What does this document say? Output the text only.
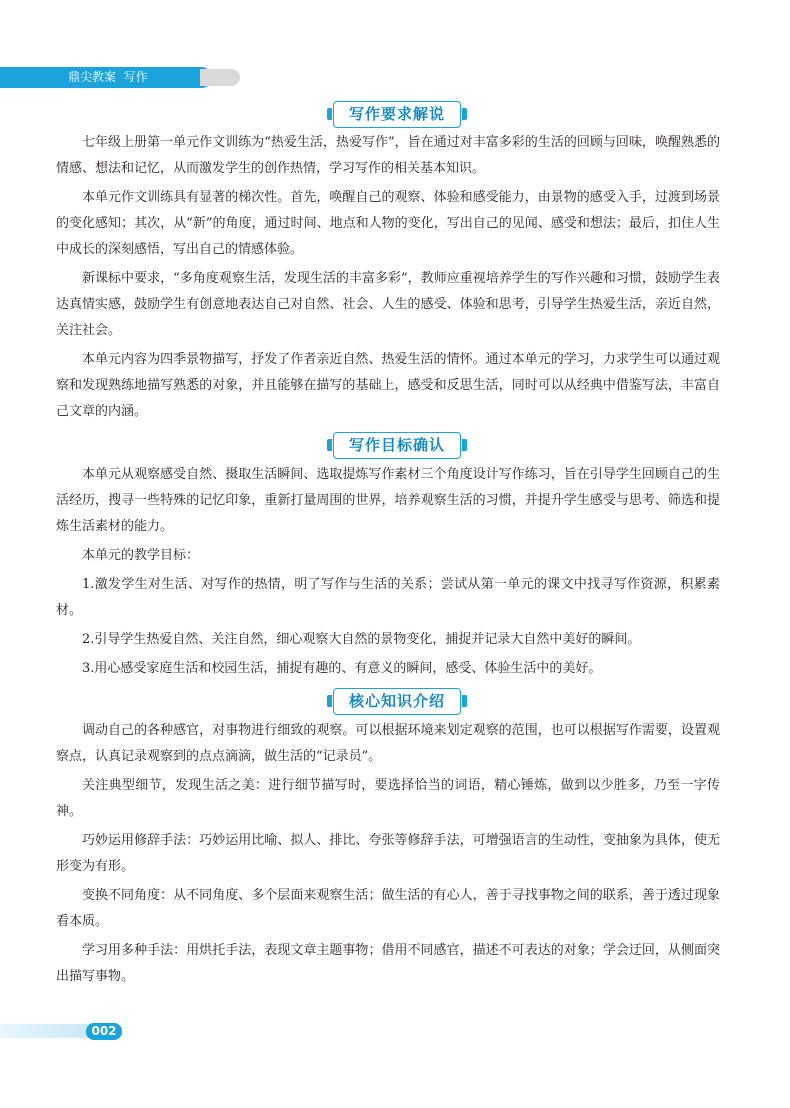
鼎尖教案 写作
写作要求解说

七年级上册第一单元作文训练为“热爱生活，热爱写作”，旨在通过对丰富多彩的生活的回顾与回味，唤醒熟悉的情感、想法和记忆，从而激发学生的创作热情，学习写作的相关基本知识。

本单元作文训练具有显著的梯次性。首先，唤醒自己的观察、体验和感受能力，由景物的感受入手，过渡到场景的变化感知；其次，从“新”的角度，通过时间、地点和人物的变化，写出自己的见闻、感受和想法；最后，扣住人生中成长的深刻感悟，写出自己的情感体验。

新课标中要求，“多角度观察生活，发现生活的丰富多彩”，教师应重视培养学生的写作兴趣和习惯，鼓励学生表达真情实感，鼓励学生有创意地表达自己对自然、社会、人生的感受、体验和思考，引导学生热爱生活，亲近自然，关注社会。

本单元内容为四季景物描写，抒发了作者亲近自然、热爱生活的情怀。通过本单元的学习，力求学生可以通过观察和发现熟练地描写熟悉的对象，并且能够在描写的基础上，感受和反思生活，同时可以从经典中借鉴写法，丰富自己文章的内涵。

写作目标确认

本单元从观察感受自然、摄取生活瞬间、选取提炼写作素材三个角度设计写作练习，旨在引导学生回顾自己的生活经历，搜寻一些特殊的记忆印象，重新打量周围的世界，培养观察生活的习惯，并提升学生感受与思考、筛选和提炼生活素材的能力。

本单元的教学目标：

1.激发学生对生活、对写作的热情，明了写作与生活的关系；尝试从第一单元的课文中找寻写作资源，积累素材。

2.引导学生热爱自然、关注自然，细心观察大自然的景物变化，捕捉并记录大自然中美好的瞬间。

3.用心感受家庭生活和校园生活，捕捉有趣的、有意义的瞬间，感受、体验生活中的美好。

核心知识介绍

调动自己的各种感官，对事物进行细致的观察。可以根据环境来划定观察的范围，也可以根据写作需要，设置观察点，认真记录观察到的点点滴滴，做生活的“记录员”。

关注典型细节，发现生活之美：进行细节描写时，要选择恰当的词语，精心锤炼，做到以少胜多，乃至一字传神。

巧妙运用修辞手法：巧妙运用比喻、拟人、排比、夸张等修辞手法，可增强语言的生动性，变抽象为具体，使无形变为有形。

变换不同角度：从不同角度、多个层面来观察生活；做生活的有心人，善于寻找事物之间的联系，善于透过现象看本质。

学习用多种手法：用烘托手法，表现文章主题事物；借用不同感官，描述不可表达的对象；学会迂回，从侧面突出描写事物。

002
